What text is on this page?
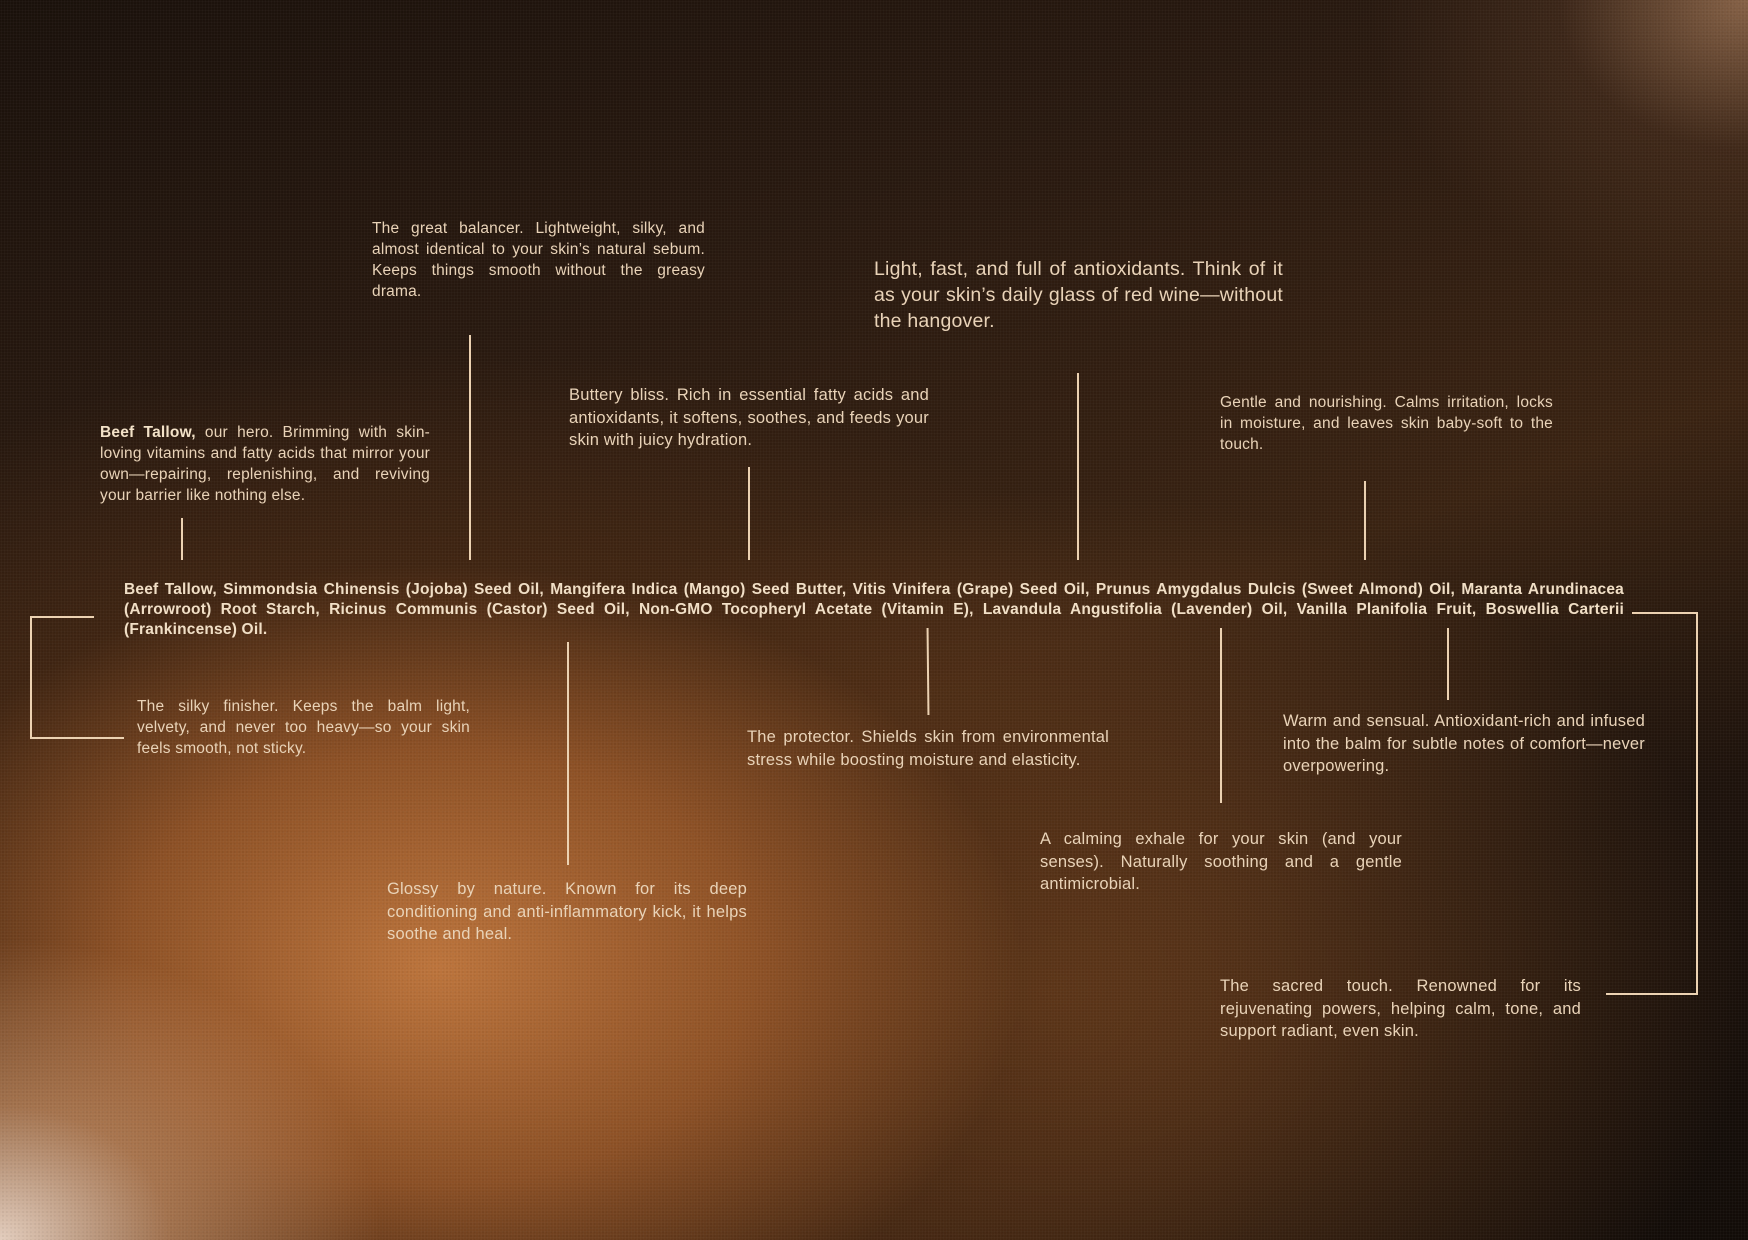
Beef Tallow, our hero. Brimming with skin-loving vitamins and fatty acids that mirror your own—repairing, replenishing, and reviving your barrier like nothing else.

The great balancer. Lightweight, silky, and almost identical to your skin’s natural sebum. Keeps things smooth without the greasy drama.

Buttery bliss. Rich in essential fatty acids and antioxidants, it softens, soothes, and feeds your skin with juicy hydration.

Light, fast, and full of antioxidants. Think of it as your skin’s daily glass of red wine—without the hangover.

Gentle and nourishing. Calms irritation, locks in moisture, and leaves skin baby-soft to the touch.

Beef Tallow, Simmondsia Chinensis (Jojoba) Seed Oil, Mangifera Indica (Mango) Seed Butter, Vitis Vinifera (Grape) Seed Oil, Prunus Amygdalus Dulcis (Sweet Almond) Oil, Maranta Arundinacea (Arrowroot) Root Starch, Ricinus Communis (Castor) Seed Oil, Non-GMO Tocopheryl Acetate (Vitamin E), Lavandula Angustifolia (Lavender) Oil, Vanilla Planifolia Fruit, Boswellia Carterii (Frankincense) Oil.

The silky finisher. Keeps the balm light, velvety, and never too heavy—so your skin feels smooth, not sticky.

Glossy by nature. Known for its deep conditioning and anti-inflammatory kick, it helps soothe and heal.

The protector. Shields skin from environmental stress while boosting moisture and elasticity.

A calming exhale for your skin (and your senses). Naturally soothing and a gentle antimicrobial.

Warm and sensual. Antioxidant-rich and infused into the balm for subtle notes of comfort—never overpowering.

The sacred touch. Renowned for its rejuvenating powers, helping calm, tone, and support radiant, even skin.
